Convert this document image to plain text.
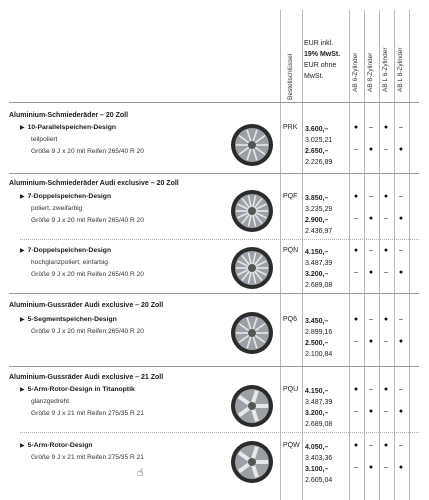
Bestellschlüssel
EUR inkl.
19% MwSt.
EUR ohne
MwSt.	AB 6-Zylinder AB 8-Zylinder AB L 6-Zylinder AB L 8-Zylinder
Aluminium-Schmiederäder – 20 Zoll
▶ 10-Parallelspeichen-Design
teilpoliert
Größe 9 J x 20 mit Reifen 265/40 R 20
PRK 3.600,–
3.025,21
2.650,–
2.226,89
●	–	●	–
–	●	–	●
Aluminium-Schmiederäder Audi exclusive – 20 Zoll
▶ 7-Doppelspeichen-Design
poliert, zweifarbig
Größe 9 J x 20 mit Reifen 265/40 R 20
PQF 3.850,–
3.235,29
2.900,–
2.436,97
●	–	●	–
–	●	–	●
▶ 7-Doppelspeichen-Design
hochglanzpoliert, einfarbig
Größe 9 J x 20 mit Reifen 265/40 R 20
PQN 4.150,–
3.487,39
3.200,–
2.689,08
●	–	●	–
–	●	–	●
Aluminium-Gussräder Audi exclusive – 20 Zoll
▶ 5-Segmentspeichen-Design
Größe 9 J x 20 mit Reifen 265/40 R 20
PQ6 3.450,–
2.899,16
2.500,–
2.100,84
●	–	●	–
–	●	–	●
Aluminium-Gussräder Audi exclusive – 21 Zoll
▶ 5-Arm-Rotor-Design in Titanoptik
glanzgedreht
Größe 9 J x 21 mit Reifen 275/35 R 21
PQU 4.150,–
3.487,39
3.200,–
2.689,08
●	–	●	–
–	●	–	●
▶ 5-Arm-Rotor-Design
Größe 9 J x 21 mit Reifen 275/35 R 21
PQW 4.050,–
3.403,36
3.100,–
2.605,04
●	–	●	–
–	●	–	●
☝
